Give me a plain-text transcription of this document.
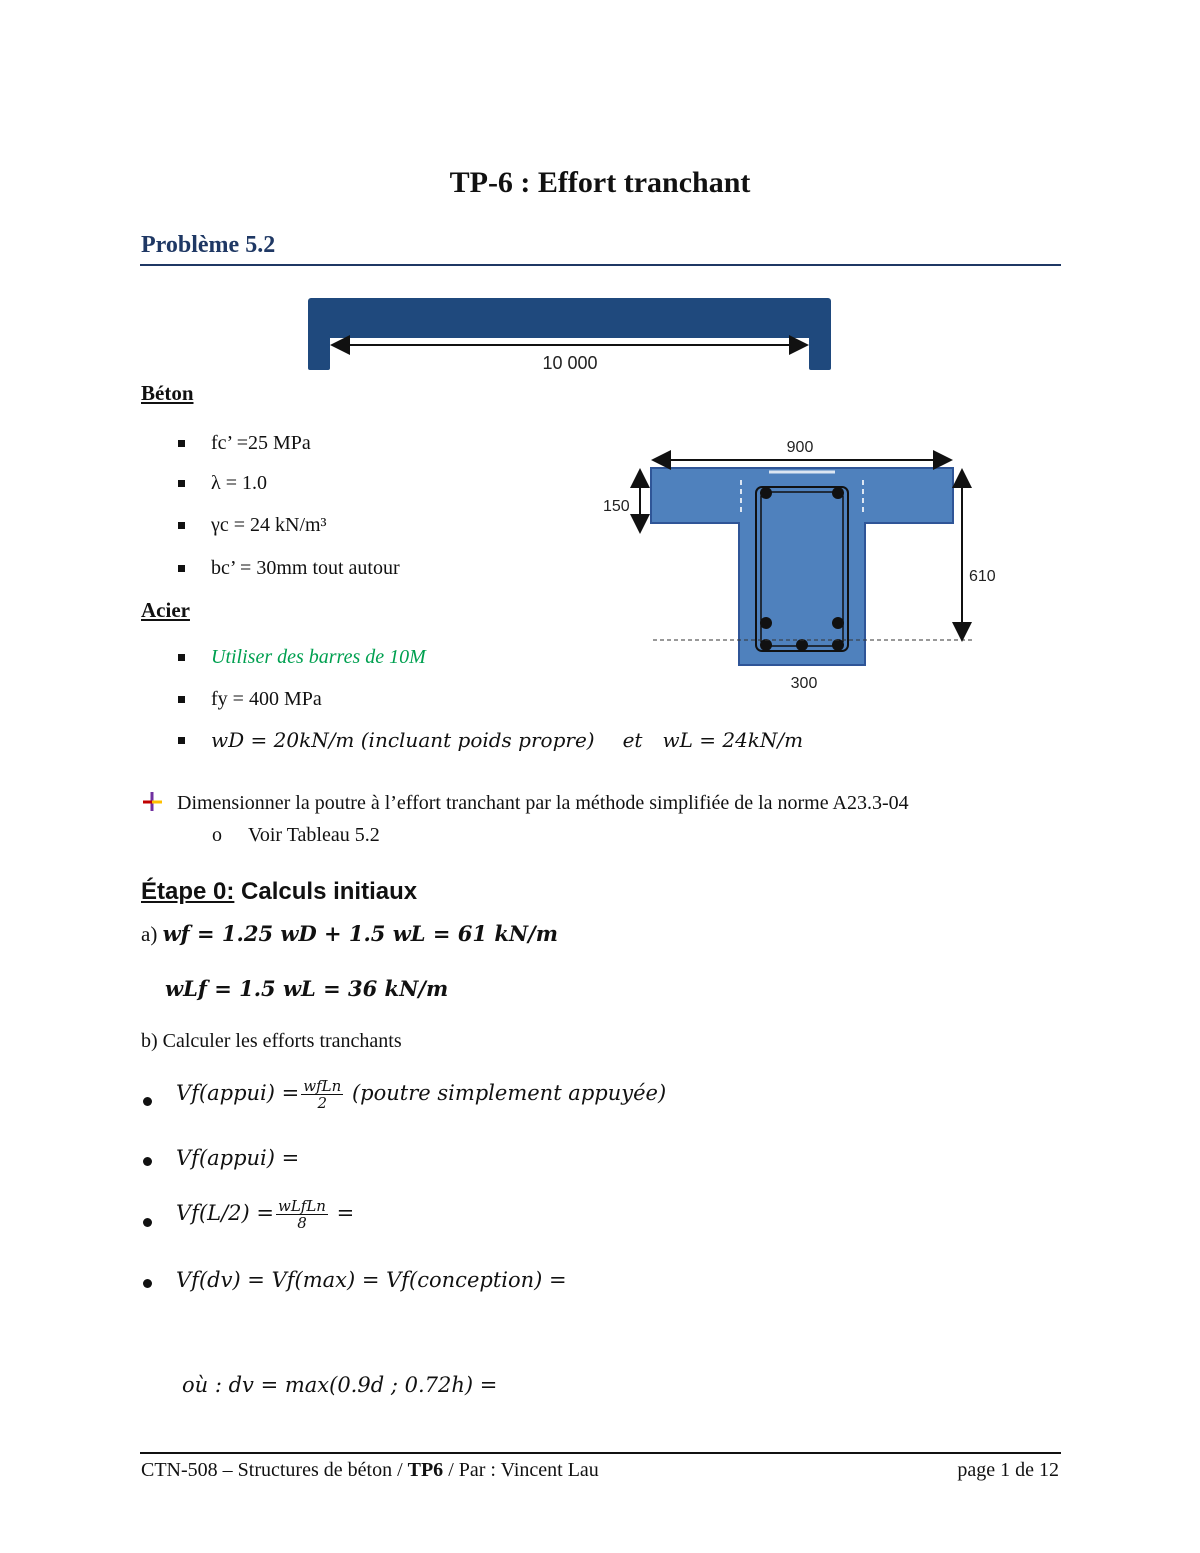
TP-6 : Effort tranchant
Problème 5.2
10 000
900
150
610
300
Béton
fc’ =25 MPa
λ = 1.0
γc = 24 kN/m³
bc’ = 30mm tout autour
Acier
Utiliser des barres de 10M
fy = 400 MPa
wD = 20kN/m (incluant poids propre) et wL = 24kN/m
Dimensionner la poutre à l’effort tranchant par la méthode simplifiée de la norme A23.3-04
o Voir Tableau 5.2
Étape 0: Calculs initiaux
a) wf = 1.25 wD + 1.5 wL = 61 kN/m
wLf = 1.5 wL = 36 kN/m
b) Calculer les efforts tranchants
Vf(appui) = $\frac{\text{wfLn}}{2}$ (poutre simplement appuyée)
Vf(appui) =
$Vf(L/2) = \frac{\text{wLfLn}}{8}$ =
Vf(dv) = Vf(max) = Vf(conception) =
où : dv = max(0.9d ; 0.72h) =
CTN-508 – Structures de béton / TP6 / Par : Vincent Lau	page 1 de 12
